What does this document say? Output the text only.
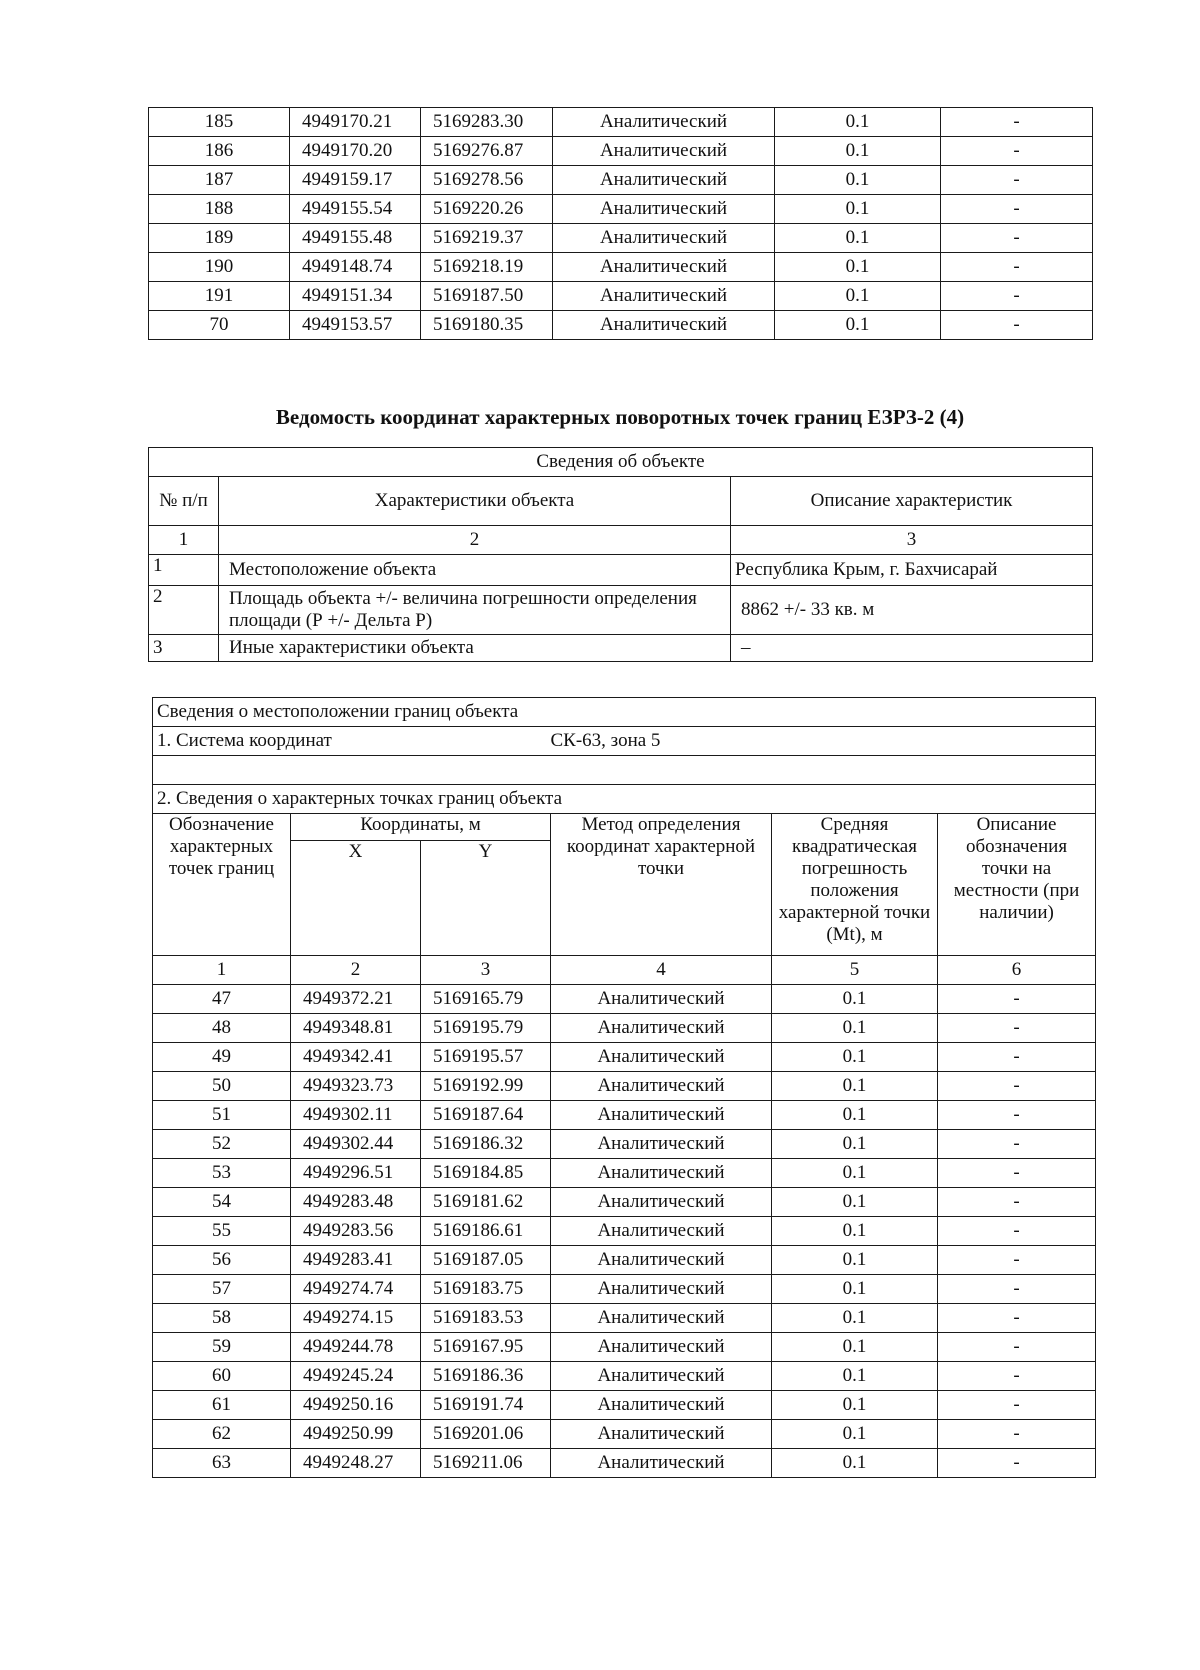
185	4949170.21	5169283.30	Аналитический	0.1	-
186	4949170.20	5169276.87	Аналитический	0.1	-
187	4949159.17	5169278.56	Аналитический	0.1	-
188	4949155.54	5169220.26	Аналитический	0.1	-
189	4949155.48	5169219.37	Аналитический	0.1	-
190	4949148.74	5169218.19	Аналитический	0.1	-
191	4949151.34	5169187.50	Аналитический	0.1	-
70	4949153.57	5169180.35	Аналитический	0.1	-
Ведомость координат характерных поворотных точек границ ЕЗРЗ-2 (4)
Сведения об объекте		
№ п/п	Характеристики объекта	Описание характеристик
1	2	3
1	Местоположение объекта	Республика Крым, г. Бахчисарай
2	Площадь объекта +/- величина погрешности определения площади (Р +/- Дельта Р)	8862 +/- 33 кв. м
3	Иные характеристики объекта	–
Сведения о местоположении границ объекта					
1. Система координат			СК-63, зона 5		

2. Сведения о характерных точках границ объекта					
Обозначение характерных точек границ	Координаты, м		Метод определения координат характерной точки	Средняя квадратическая погрешность положения характерной точки (Mt), м	Описание обозначения точки на местности (при наличии)
	X	Y			
1	2	3	4	5	6
47	4949372.21	5169165.79	Аналитический	0.1	-
48	4949348.81	5169195.79	Аналитический	0.1	-
49	4949342.41	5169195.57	Аналитический	0.1	-
50	4949323.73	5169192.99	Аналитический	0.1	-
51	4949302.11	5169187.64	Аналитический	0.1	-
52	4949302.44	5169186.32	Аналитический	0.1	-
53	4949296.51	5169184.85	Аналитический	0.1	-
54	4949283.48	5169181.62	Аналитический	0.1	-
55	4949283.56	5169186.61	Аналитический	0.1	-
56	4949283.41	5169187.05	Аналитический	0.1	-
57	4949274.74	5169183.75	Аналитический	0.1	-
58	4949274.15	5169183.53	Аналитический	0.1	-
59	4949244.78	5169167.95	Аналитический	0.1	-
60	4949245.24	5169186.36	Аналитический	0.1	-
61	4949250.16	5169191.74	Аналитический	0.1	-
62	4949250.99	5169201.06	Аналитический	0.1	-
63	4949248.27	5169211.06	Аналитический	0.1	-
